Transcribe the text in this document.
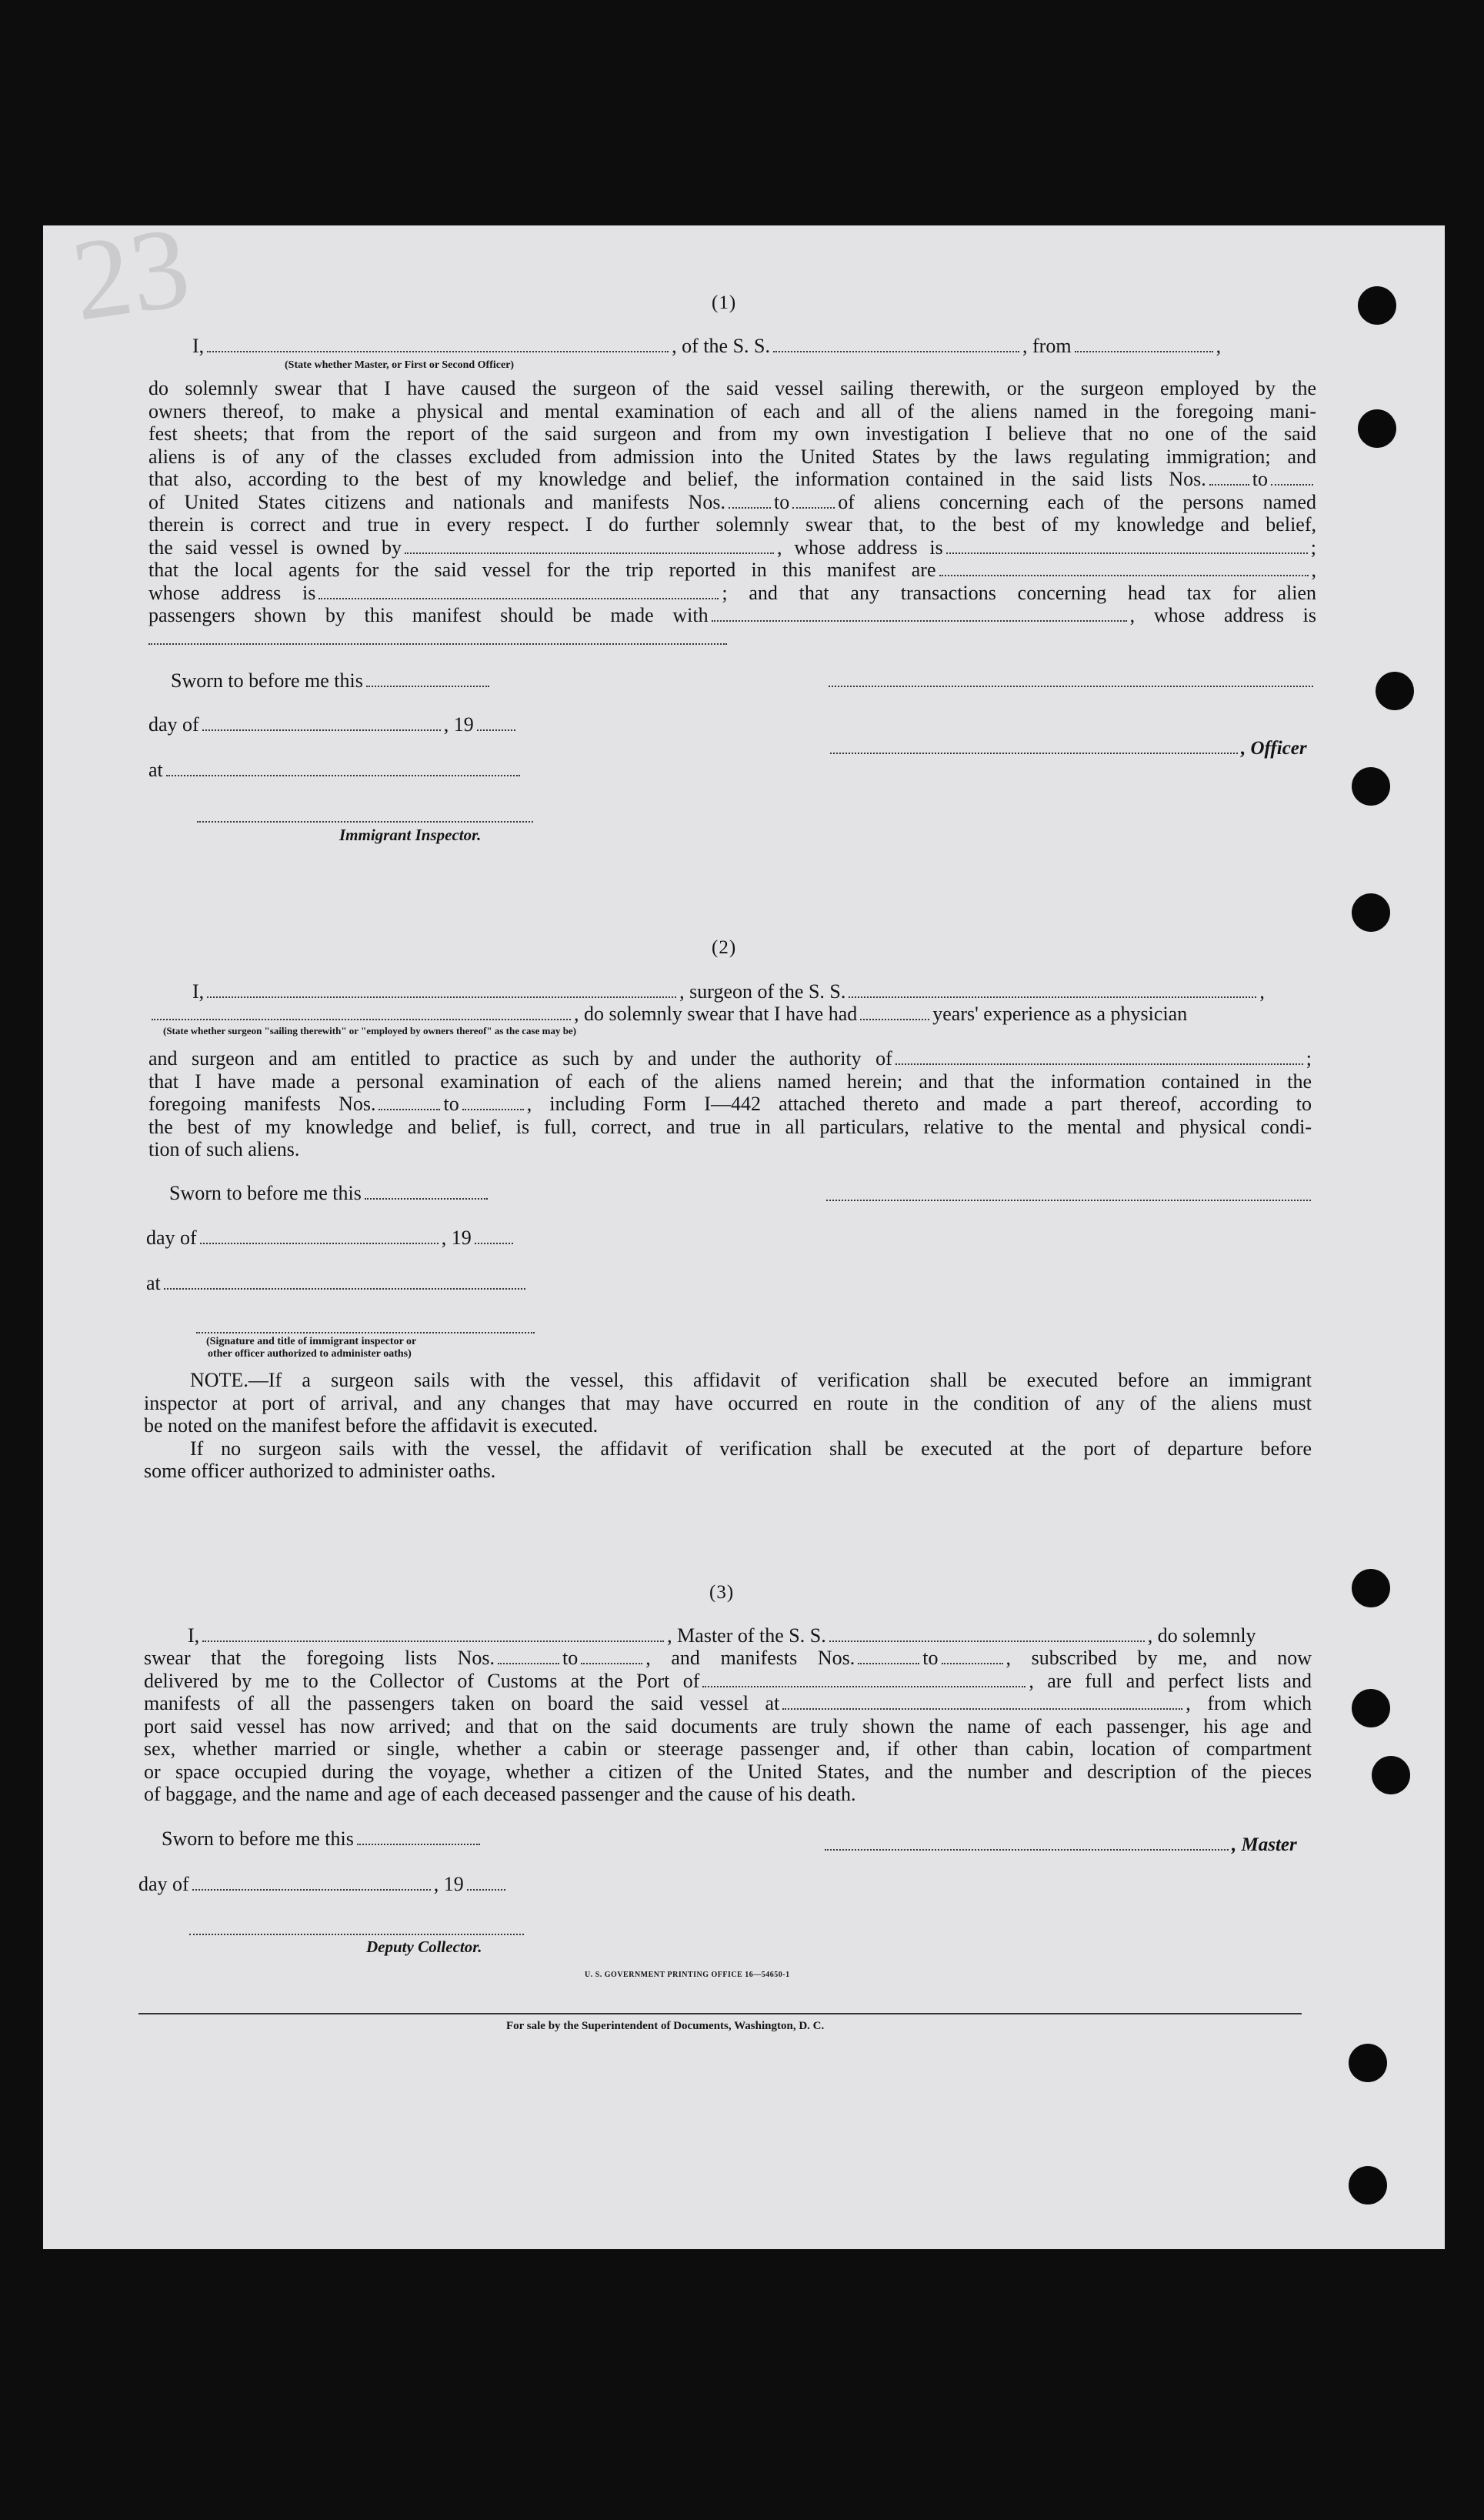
23	(1)
I,	, of the S. S.	, from	,
(State whether Master, or First or Second Officer)
do solemnly swear that I have caused the surgeon of the said vessel sailing therewith, or the surgeon employed by the
owners thereof, to make a physical and mental examination of each and all of the aliens named in the foregoing mani-
fest sheets; that from the report of the said surgeon and from my own investigation I believe that no one of the said
aliens is of any of the classes excluded from admission into the United States by the laws regulating immigration; and
that also, according to the best of my knowledge and belief, the information contained in the said lists Nos. to
of United States citizens and nationals and manifests Nos. to of aliens concerning each of the persons named
therein is correct and true in every respect. I do further solemnly swear that, to the best of my knowledge and belief,
the said vessel is owned by	, whose address is	;
that the local agents for the said vessel for the trip reported in this manifest are	,
whose address is	; and that any transactions concerning head tax for alien
passengers shown by this manifest should be made with	, whose address is
Sworn to before me this
day of	, 19
at
Immigrant Inspector.
, Officer
(2)
I,	, surgeon of the S. S.	,
, do solemnly swear that I have had	years' experience as a physician
(State whether surgeon "sailing therewith" or "employed by owners thereof" as the case may be)
and surgeon and am entitled to practice as such by and under the authority of	;
that I have made a personal examination of each of the aliens named herein; and that the information contained in the
foregoing manifests Nos.	to	, including Form I—442 attached thereto and made a part thereof, according to
the best of my knowledge and belief, is full, correct, and true in all particulars, relative to the mental and physical condi-
tion of such aliens.
Sworn to before me this
day of	, 19
at
(Signature and title of immigrant inspector or
other officer authorized to administer oaths)
NOTE.—If a surgeon sails with the vessel, this affidavit of verification shall be executed before an immigrant
inspector at port of arrival, and any changes that may have occurred en route in the condition of any of the aliens must
be noted on the manifest before the affidavit is executed.
If no surgeon sails with the vessel, the affidavit of verification shall be executed at the port of departure before
some officer authorized to administer oaths.
(3)
I,	, Master of the S. S.	, do solemnly
swear that the foregoing lists Nos.	to	, and manifests Nos.	to	, subscribed by me, and now
delivered by me to the Collector of Customs at the Port of	, are full and perfect lists and
manifests of all the passengers taken on board the said vessel at	, from which
port said vessel has now arrived; and that on the said documents are truly shown the name of each passenger, his age and
sex, whether married or single, whether a cabin or steerage passenger and, if other than cabin, location of compartment
or space occupied during the voyage, whether a citizen of the United States, and the number and description of the pieces
of baggage, and the name and age of each deceased passenger and the cause of his death.
Sworn to before me this
day of	, 19
Deputy Collector.
, Master
U. S. GOVERNMENT PRINTING OFFICE 16—54650-1
For sale by the Superintendent of Documents, Washington, D. C.
